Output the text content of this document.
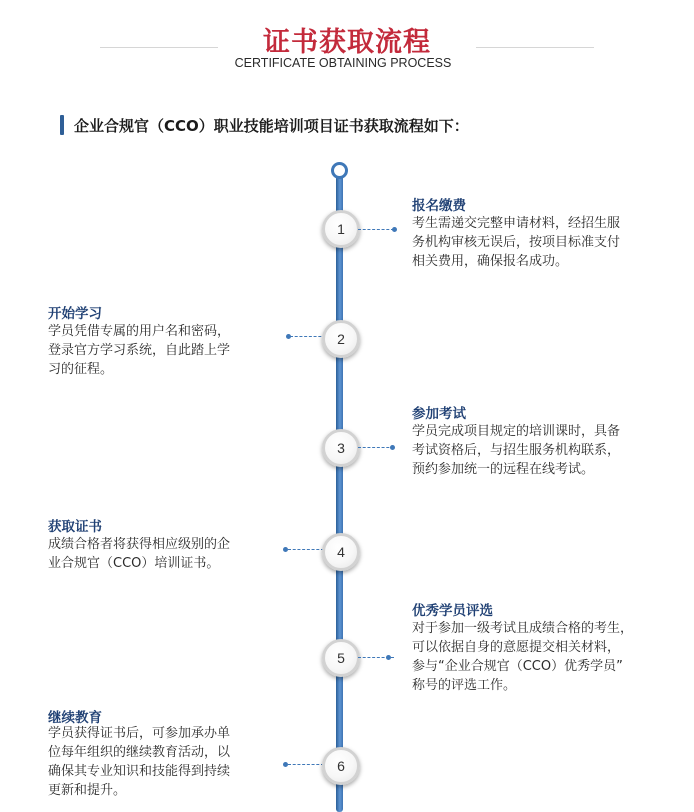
证书获取流程
CERTIFICATE OBTAINING PROCESS
企业合规官（CCO）职业技能培训项目证书获取流程如下：
1
报名缴费
考生需递交完整申请材料，经招生服
务机构审核无误后，按项目标准支付
相关费用，确保报名成功。
开始学习
学员凭借专属的用户名和密码，
登录官方学习系统，自此踏上学
习的征程。
2
3
参加考试
学员完成项目规定的培训课时，具备
考试资格后，与招生服务机构联系，
预约参加统一的远程在线考试。
获取证书
成绩合格者将获得相应级别的企
业合规官（CCO）培训证书。
4
5
优秀学员评选
对于参加一级考试且成绩合格的考生，
可以依据自身的意愿提交相关材料，
参与“企业合规官（CCO）优秀学员”
称号的评选工作。
继续教育
学员获得证书后，可参加承办单
位每年组织的继续教育活动，以
确保其专业知识和技能得到持续
更新和提升。
6
